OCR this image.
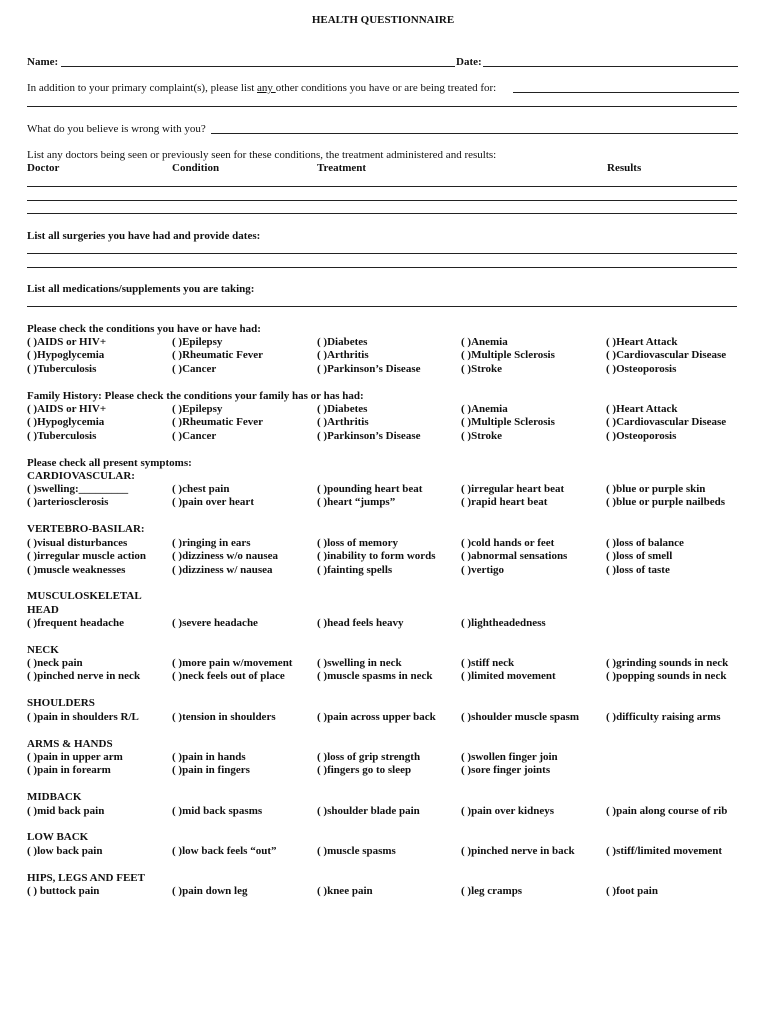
HEALTH QUESTIONNAIRE
Name:	Date:
In addition to your primary complaint(s), please list any other conditions you have or are being treated for:
What do you believe is wrong with you?
List any doctors being seen or previously seen for these conditions, the treatment administered and results:
Doctor	Condition	Treatment	Results
List all surgeries you have had and provide dates:
List all medications/supplements you are taking:
Please check the conditions you have or have had:
( )AIDS or HIV+	( )Epilepsy	( )Diabetes	( )Anemia	( )Heart Attack
( )Hypoglycemia	( )Rheumatic Fever	( )Arthritis	( )Multiple Sclerosis	( )Cardiovascular Disease
( )Tuberculosis	( )Cancer	( )Parkinson’s Disease	( )Stroke	( )Osteoporosis
Family History: Please check the conditions your family has or has had:
( )AIDS or HIV+	( )Epilepsy	( )Diabetes	( )Anemia	( )Heart Attack
( )Hypoglycemia	( )Rheumatic Fever	( )Arthritis	( )Multiple Sclerosis	( )Cardiovascular Disease
( )Tuberculosis	( )Cancer	( )Parkinson’s Disease	( )Stroke	( )Osteoporosis
Please check all present symptoms:
CARDIOVASCULAR:
( )swelling:_________	( )chest pain	( )pounding heart beat	( )irregular heart beat	( )blue or purple skin
( )arteriosclerosis	( )pain over heart	( )heart “jumps”	( )rapid heart beat	( )blue or purple nailbeds
VERTEBRO-BASILAR:
( )visual disturbances	( )ringing in ears	( )loss of memory	( )cold hands or feet	( )loss of balance
( )irregular muscle action ( )dizziness w/o nausea	( )inability to form words ( )abnormal sensations	( )loss of smell
( )muscle weaknesses	( )dizziness w/ nausea	( )fainting spells	( )vertigo	( )loss of taste
MUSCULOSKELETAL
HEAD
( )frequent headache	( )severe headache	( )head feels heavy	( )lightheadedness
NECK
( )neck pain	( )more pain w/movement ( )swelling in neck	( )stiff neck	( )grinding sounds in neck
( )pinched nerve in neck	( )neck feels out of place	( )muscle spasms in neck	( )limited movement	( )popping sounds in neck
SHOULDERS
( )pain in shoulders R/L	( )tension in shoulders	( )pain across upper back ( )shoulder muscle spasm ( )difficulty raising arms
ARMS & HANDS
( )pain in upper arm	( )pain in hands	( )loss of grip strength	( )swollen finger join
( )pain in forearm	( )pain in fingers	( )fingers go to sleep	( )sore finger joints
MIDBACK
( )mid back pain	( )mid back spasms	( )shoulder blade pain	( )pain over kidneys	( )pain along course of rib
LOW BACK
( )low back pain	( )low back feels “out”	( )muscle spasms	( )pinched nerve in back	( )stiff/limited movement
HIPS, LEGS AND FEET
( ) buttock pain	( )pain down leg	( )knee pain	( )leg cramps	( )foot pain
